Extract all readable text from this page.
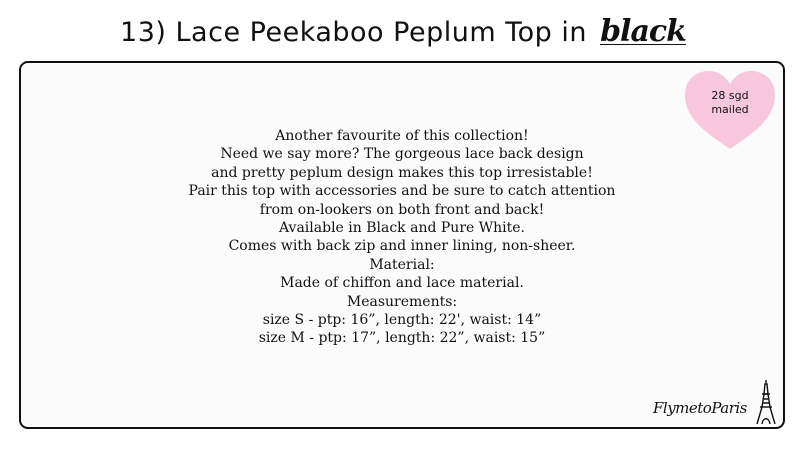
13) Lace Peekaboo Peplum Top in black
28 sgd
mailed
Another favourite of this collection!
Need we say more? The gorgeous lace back design
and pretty peplum design makes this top irresistable!
Pair this top with accessories and be sure to catch attention
from on-lookers on both front and back!
Available in Black and Pure White.
Comes with back zip and inner lining, non-sheer.
Material:
Made of chiffon and lace material.
Measurements:
size S - ptp: 16”, length: 22', waist: 14”
size M - ptp: 17”, length: 22”, waist: 15”
FlymetoParis
